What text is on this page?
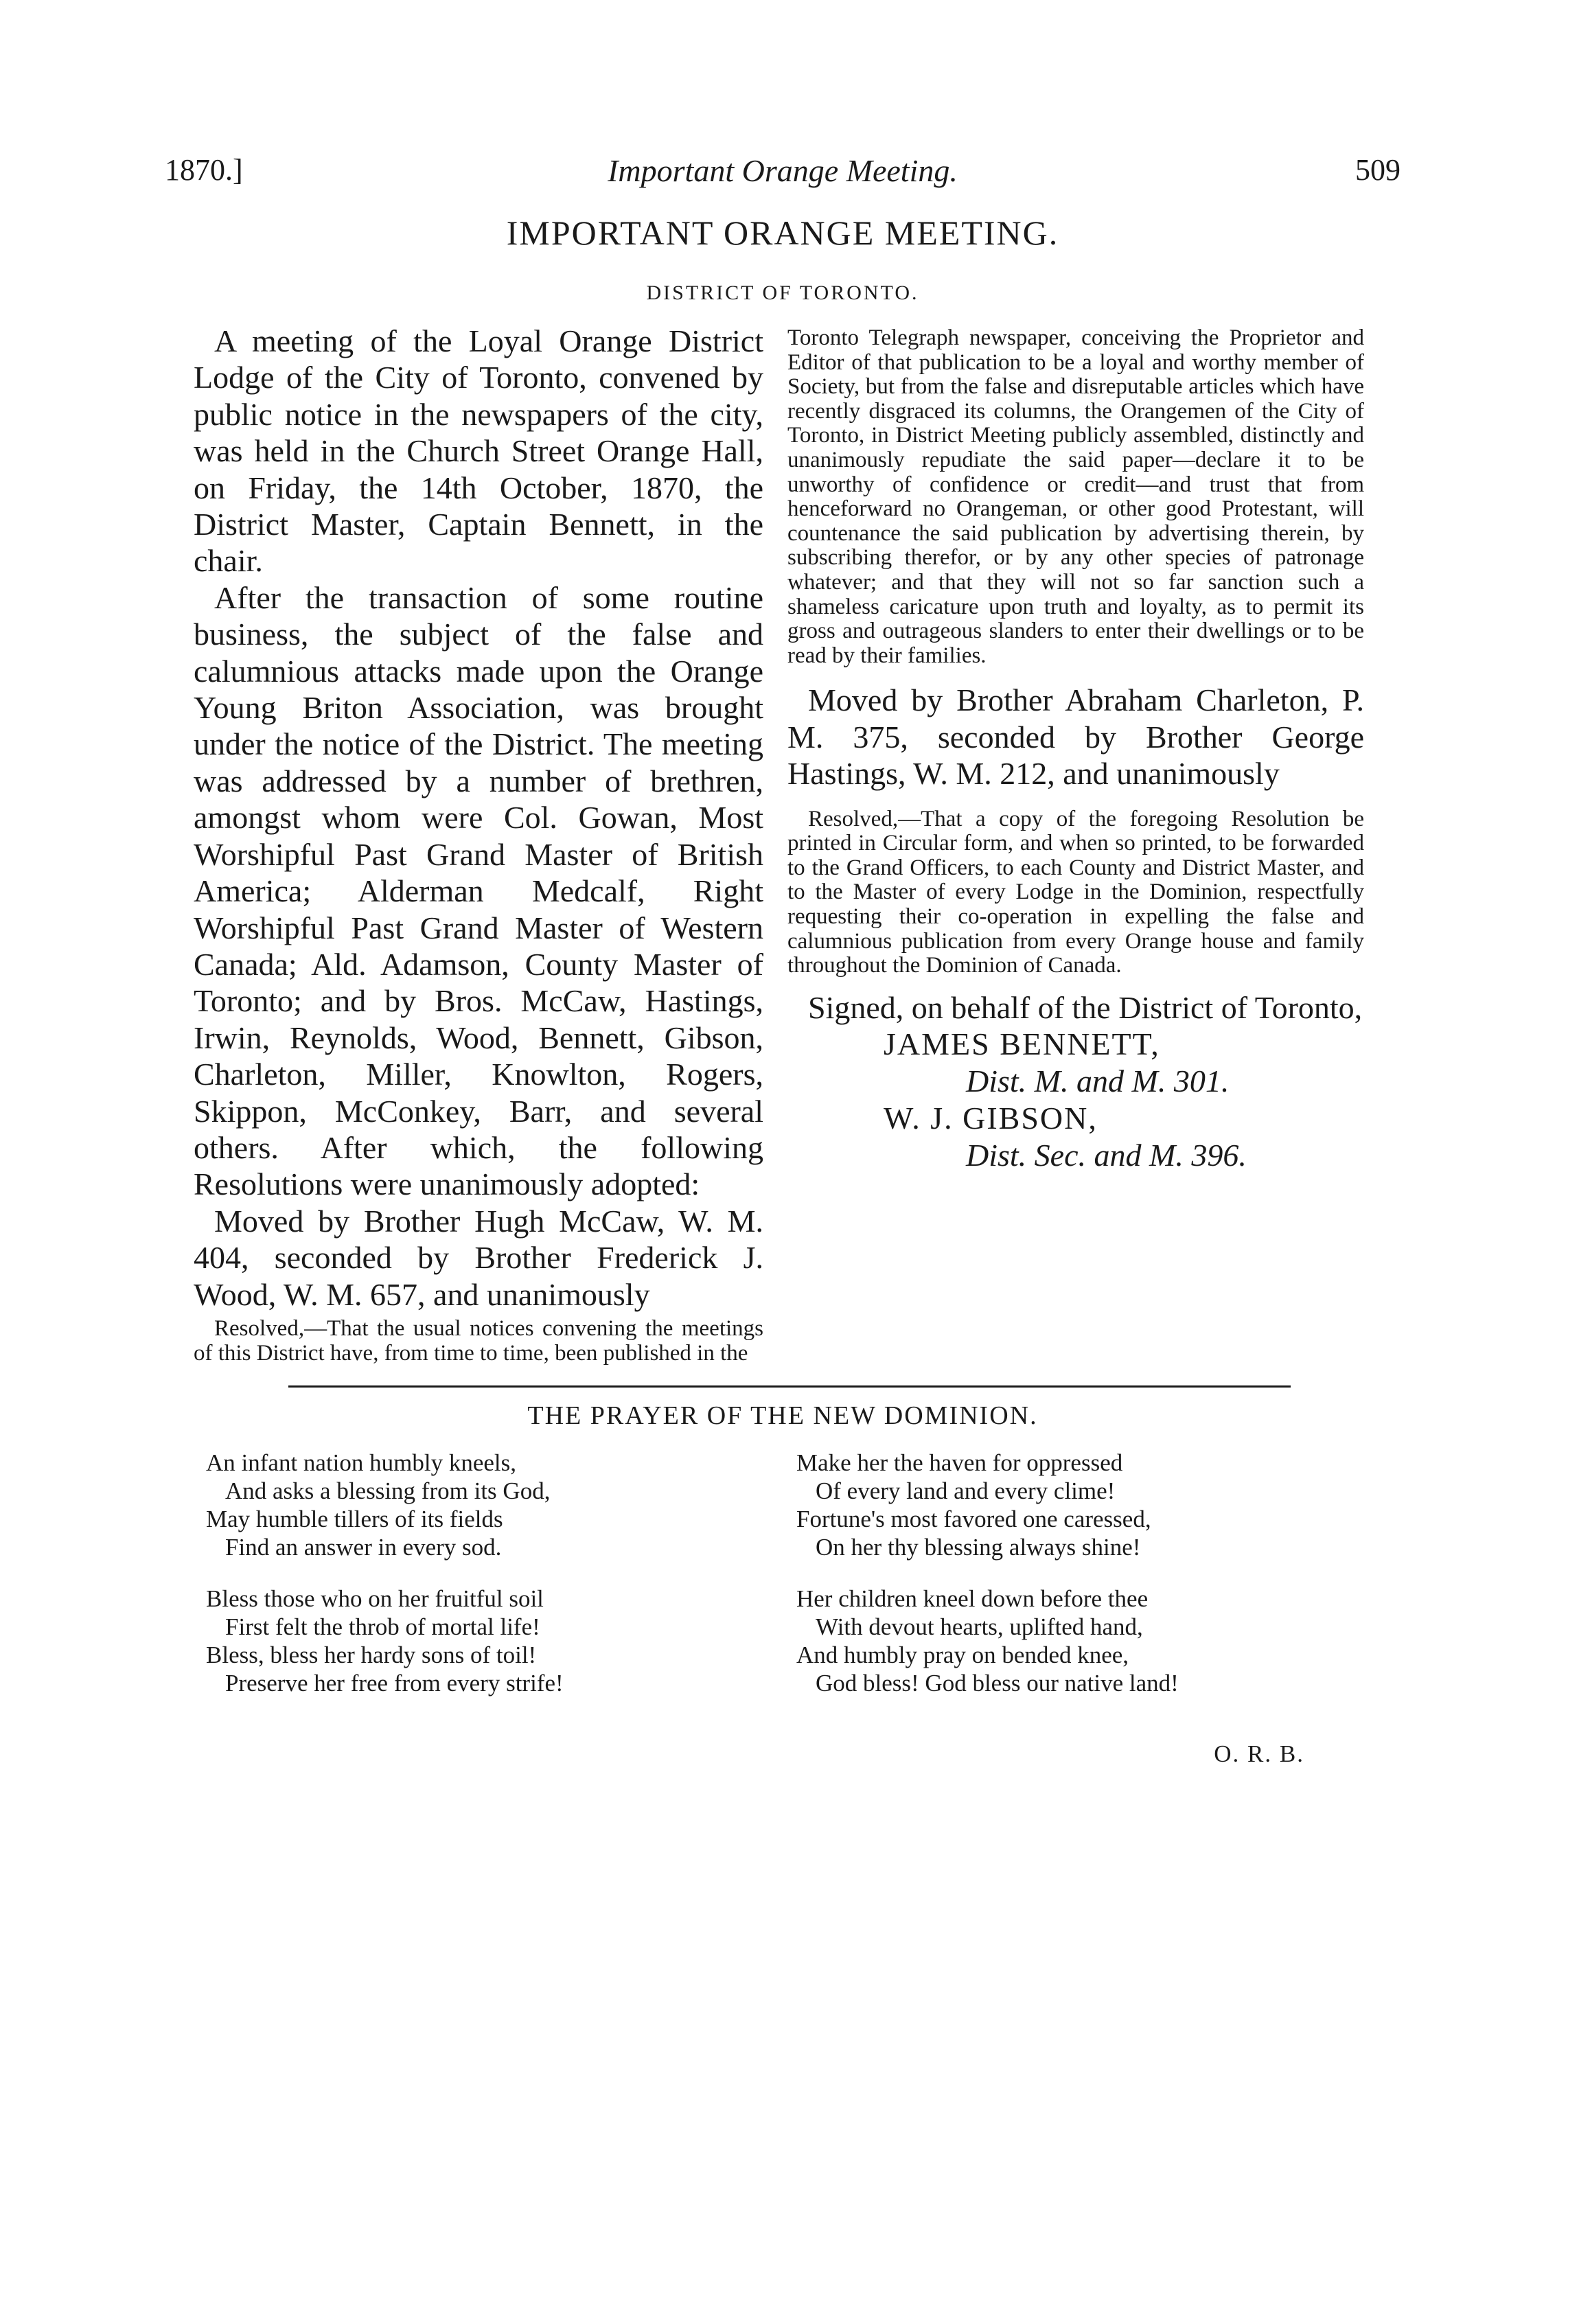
1870.]	Important Orange Meeting.	509
IMPORTANT ORANGE MEETING.
DISTRICT OF TORONTO.

A meeting of the Loyal Orange District Lodge of the City of Toronto, convened by public notice in the newspapers of the city, was held in the Church Street Orange Hall, on Friday, the 14th October, 1870, the District Master, Captain Bennett, in the chair.

After the transaction of some routine business, the subject of the false and calumnious attacks made upon the Orange Young Briton Association, was brought under the notice of the District. The meeting was addressed by a number of brethren, amongst whom were Col. Gowan, Most Worshipful Past Grand Master of British America; Alderman Medcalf, Right Worshipful Past Grand Master of Western Canada; Ald. Adamson, County Master of Toronto; and by Bros. McCaw, Hastings, Irwin, Reynolds, Wood, Bennett, Gibson, Charleton, Miller, Knowlton, Rogers, Skippon, McConkey, Barr, and several others. After which, the following Resolutions were unanimously adopted:

Moved by Brother Hugh McCaw, W. M. 404, seconded by Brother Frederick J. Wood, W. M. 657, and unanimously

Resolved,—That the usual notices convening the meetings of this District have, from time to time, been published in the

Toronto Telegraph newspaper, conceiving the Proprietor and Editor of that publication to be a loyal and worthy member of Society, but from the false and disreputable articles which have recently disgraced its columns, the Orangemen of the City of Toronto, in District Meeting publicly assembled, distinctly and unanimously repudiate the said paper—declare it to be unworthy of confidence or credit—and trust that from henceforward no Orangeman, or other good Protestant, will countenance the said publication by advertising therein, by subscribing therefor, or by any other species of patronage whatever; and that they will not so far sanction such a shameless caricature upon truth and loyalty, as to permit its gross and outrageous slanders to enter their dwellings or to be read by their families.

Moved by Brother Abraham Charleton, P. M. 375, seconded by Brother George Hastings, W. M. 212, and unanimously

Resolved,—That a copy of the foregoing Resolution be printed in Circular form, and when so printed, to be forwarded to the Grand Officers, to each County and District Master, and to the Master of every Lodge in the Dominion, respectfully requesting their co-operation in expelling the false and calumnious publication from every Orange house and family throughout the Dominion of Canada.

Signed, on behalf of the District of Toronto,

JAMES BENNETT,
Dist. M. and M. 301.
W. J. GIBSON,
Dist. Sec. and M. 396.
THE PRAYER OF THE NEW DOMINION.
An infant nation humbly kneels,
And asks a blessing from its God,
May humble tillers of its fields
Find an answer in every sod.
Bless those who on her fruitful soil
First felt the throb of mortal life!
Bless, bless her hardy sons of toil!
Preserve her free from every strife!
Make her the haven for oppressed
Of every land and every clime!
Fortune's most favored one caressed,
On her thy blessing always shine!
Her children kneel down before thee
With devout hearts, uplifted hand,
And humbly pray on bended knee,
God bless! God bless our native land!
O. R. B.
